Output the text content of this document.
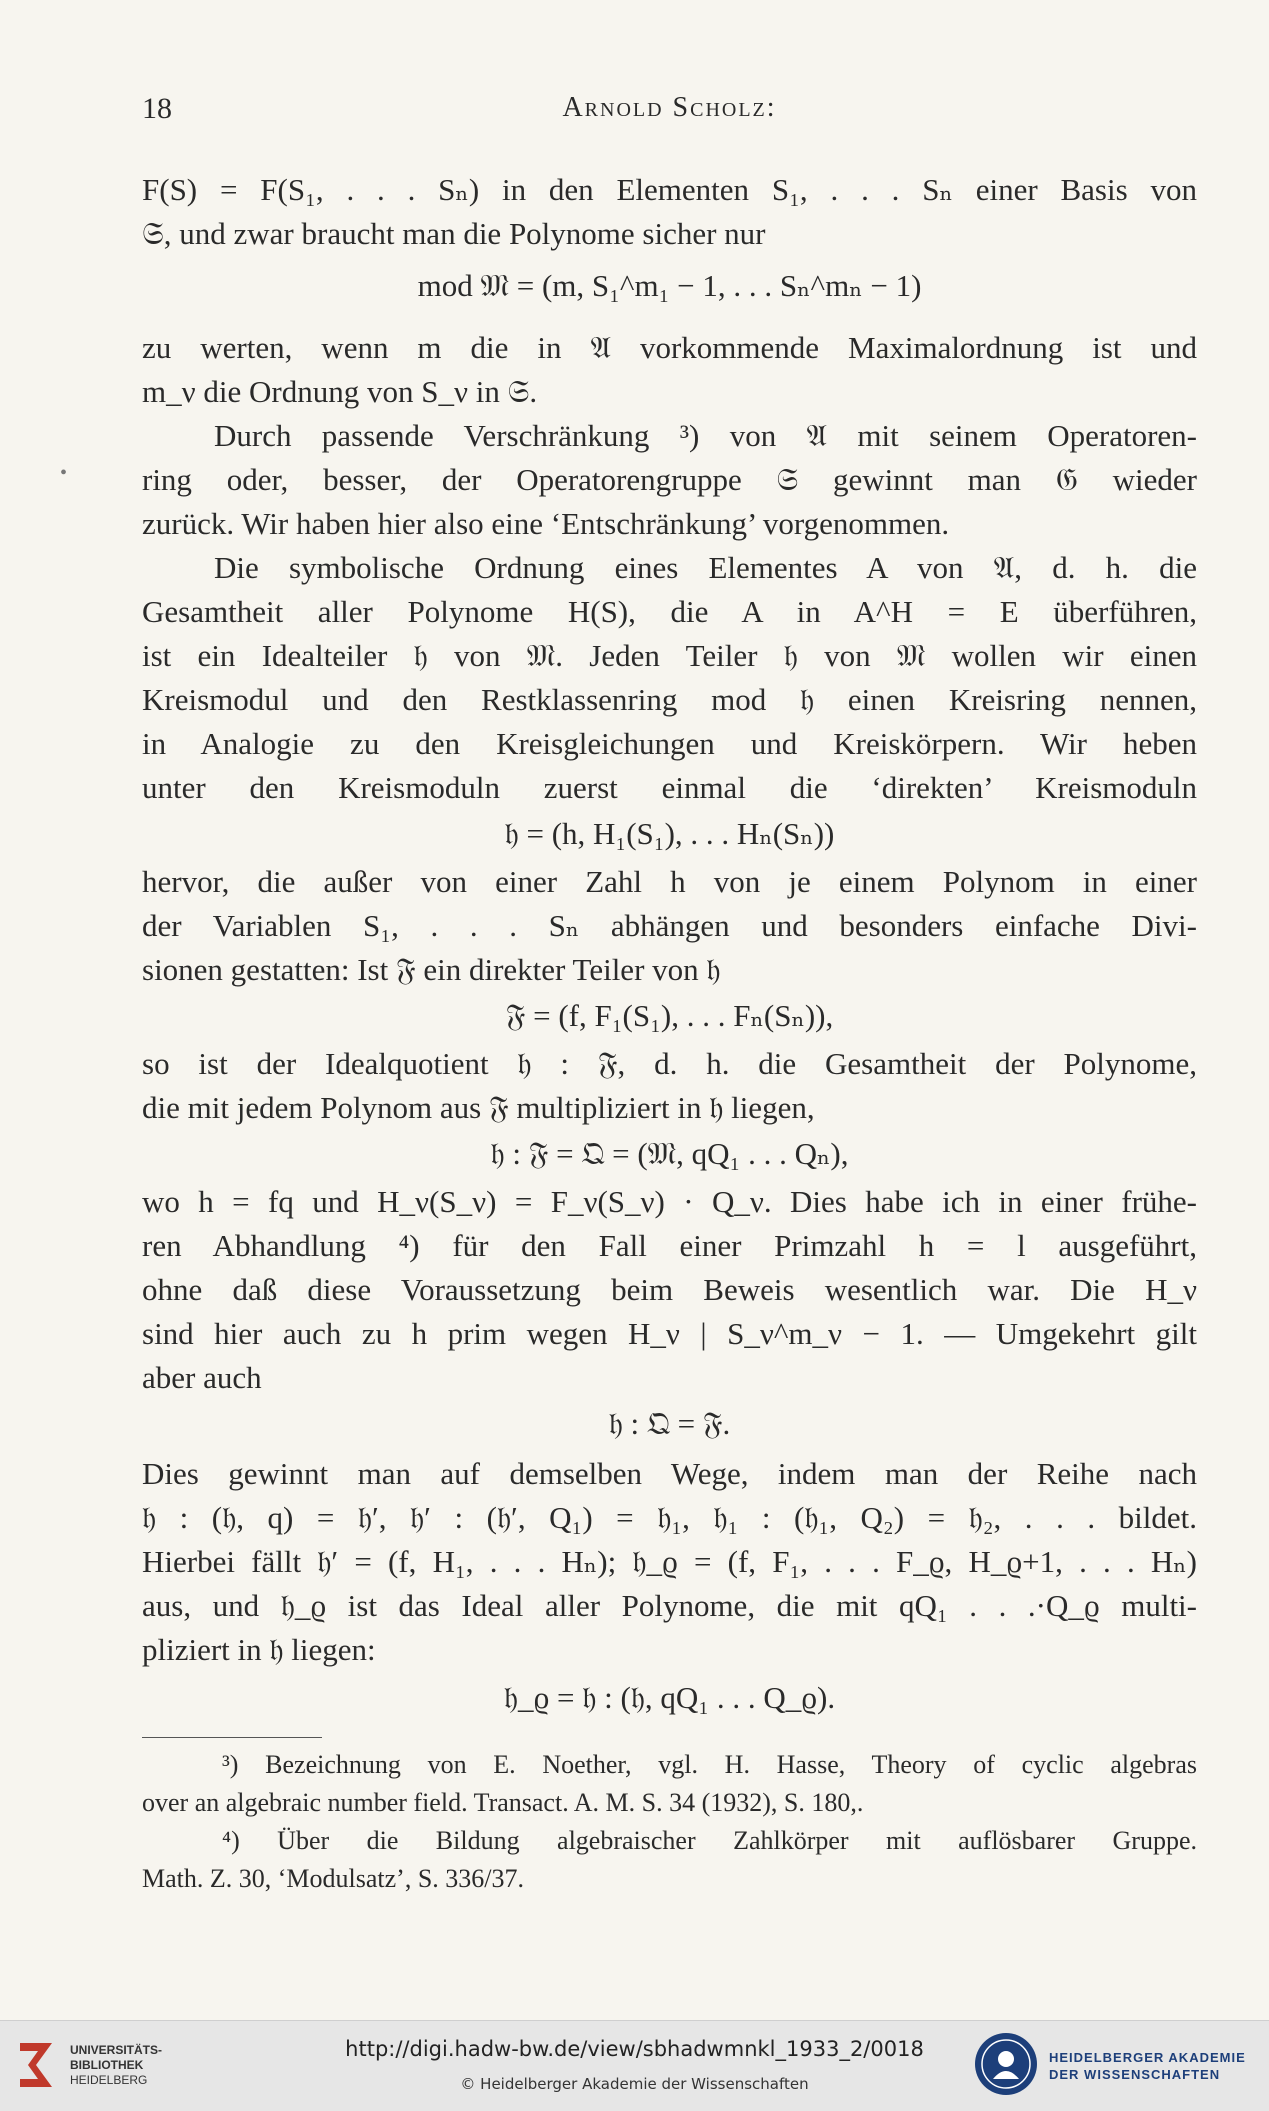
18	Arnold Scholz:
•
F(S) = F(S₁, . . . Sₙ) in den Elementen S₁, . . . Sₙ einer Basis von
𝔖, und zwar braucht man die Polynome sicher nur
mod 𝔐 = (m, S₁^m₁ − 1, . . . Sₙ^mₙ − 1)
zu werten, wenn m die in 𝔄 vorkommende Maximalordnung ist und
m_ν die Ordnung von S_ν in 𝔖.
Durch passende Verschränkung ³) von 𝔄 mit seinem Operatoren-
ring oder, besser, der Operatorengruppe 𝔖 gewinnt man 𝔊 wieder
zurück. Wir haben hier also eine ‘Entschränkung’ vorgenommen.
Die symbolische Ordnung eines Elementes A von 𝔄, d. h. die
Gesamtheit aller Polynome H(S), die A in A^H = E überführen,
ist ein Idealteiler 𝔥 von 𝔐. Jeden Teiler 𝔥 von 𝔐 wollen wir einen
Kreismodul und den Restklassenring mod 𝔥 einen Kreisring nennen,
in Analogie zu den Kreisgleichungen und Kreiskörpern. Wir heben
unter den Kreismoduln zuerst einmal die ‘direkten’ Kreismoduln
𝔥 = (h, H₁(S₁), . . . Hₙ(Sₙ))
hervor, die außer von einer Zahl h von je einem Polynom in einer
der Variablen S₁, . . . Sₙ abhängen und besonders einfache Divi-
sionen gestatten: Ist 𝔉 ein direkter Teiler von 𝔥
𝔉 = (f, F₁(S₁), . . . Fₙ(Sₙ)),
so ist der Idealquotient 𝔥 : 𝔉, d. h. die Gesamtheit der Polynome,
die mit jedem Polynom aus 𝔉 multipliziert in 𝔥 liegen,
𝔥 : 𝔉 = 𝔔 = (𝔐, qQ₁ . . . Qₙ),
wo h = fq und H_ν(S_ν) = F_ν(S_ν) · Q_ν. Dies habe ich in einer frühe-
ren Abhandlung ⁴) für den Fall einer Primzahl h = l ausgeführt,
ohne daß diese Voraussetzung beim Beweis wesentlich war. Die H_ν
sind hier auch zu h prim wegen H_ν | S_ν^m_ν − 1. — Umgekehrt gilt
aber auch
𝔥 : 𝔔 = 𝔉.
Dies gewinnt man auf demselben Wege, indem man der Reihe nach
𝔥 : (𝔥, q) = 𝔥′, 𝔥′ : (𝔥′, Q₁) = 𝔥₁, 𝔥₁ : (𝔥₁, Q₂) = 𝔥₂, . . . bildet.
Hierbei fällt 𝔥′ = (f, H₁, . . . Hₙ); 𝔥_ϱ = (f, F₁, . . . F_ϱ, H_ϱ+1, . . . Hₙ)
aus, und 𝔥_ϱ ist das Ideal aller Polynome, die mit qQ₁ . . .·Q_ϱ multi-
pliziert in 𝔥 liegen:
𝔥_ϱ = 𝔥 : (𝔥, qQ₁ . . . Q_ϱ).
³) Bezeichnung von E. Noether, vgl. H. Hasse, Theory of cyclic algebras
over an algebraic number field. Transact. A. M. S. 34 (1932), S. 180,.
⁴) Über die Bildung algebraischer Zahlkörper mit auflösbarer Gruppe.
Math. Z. 30, ‘Modulsatz’, S. 336/37.
UNIVERSITÄTS-
BIBLIOTHEK
HEIDELBERG
http://digi.hadw-bw.de/view/sbhadwmnkl_1933_2/0018
© Heidelberger Akademie der Wissenschaften
HEIDELBERGER AKADEMIE
DER WISSENSCHAFTEN
